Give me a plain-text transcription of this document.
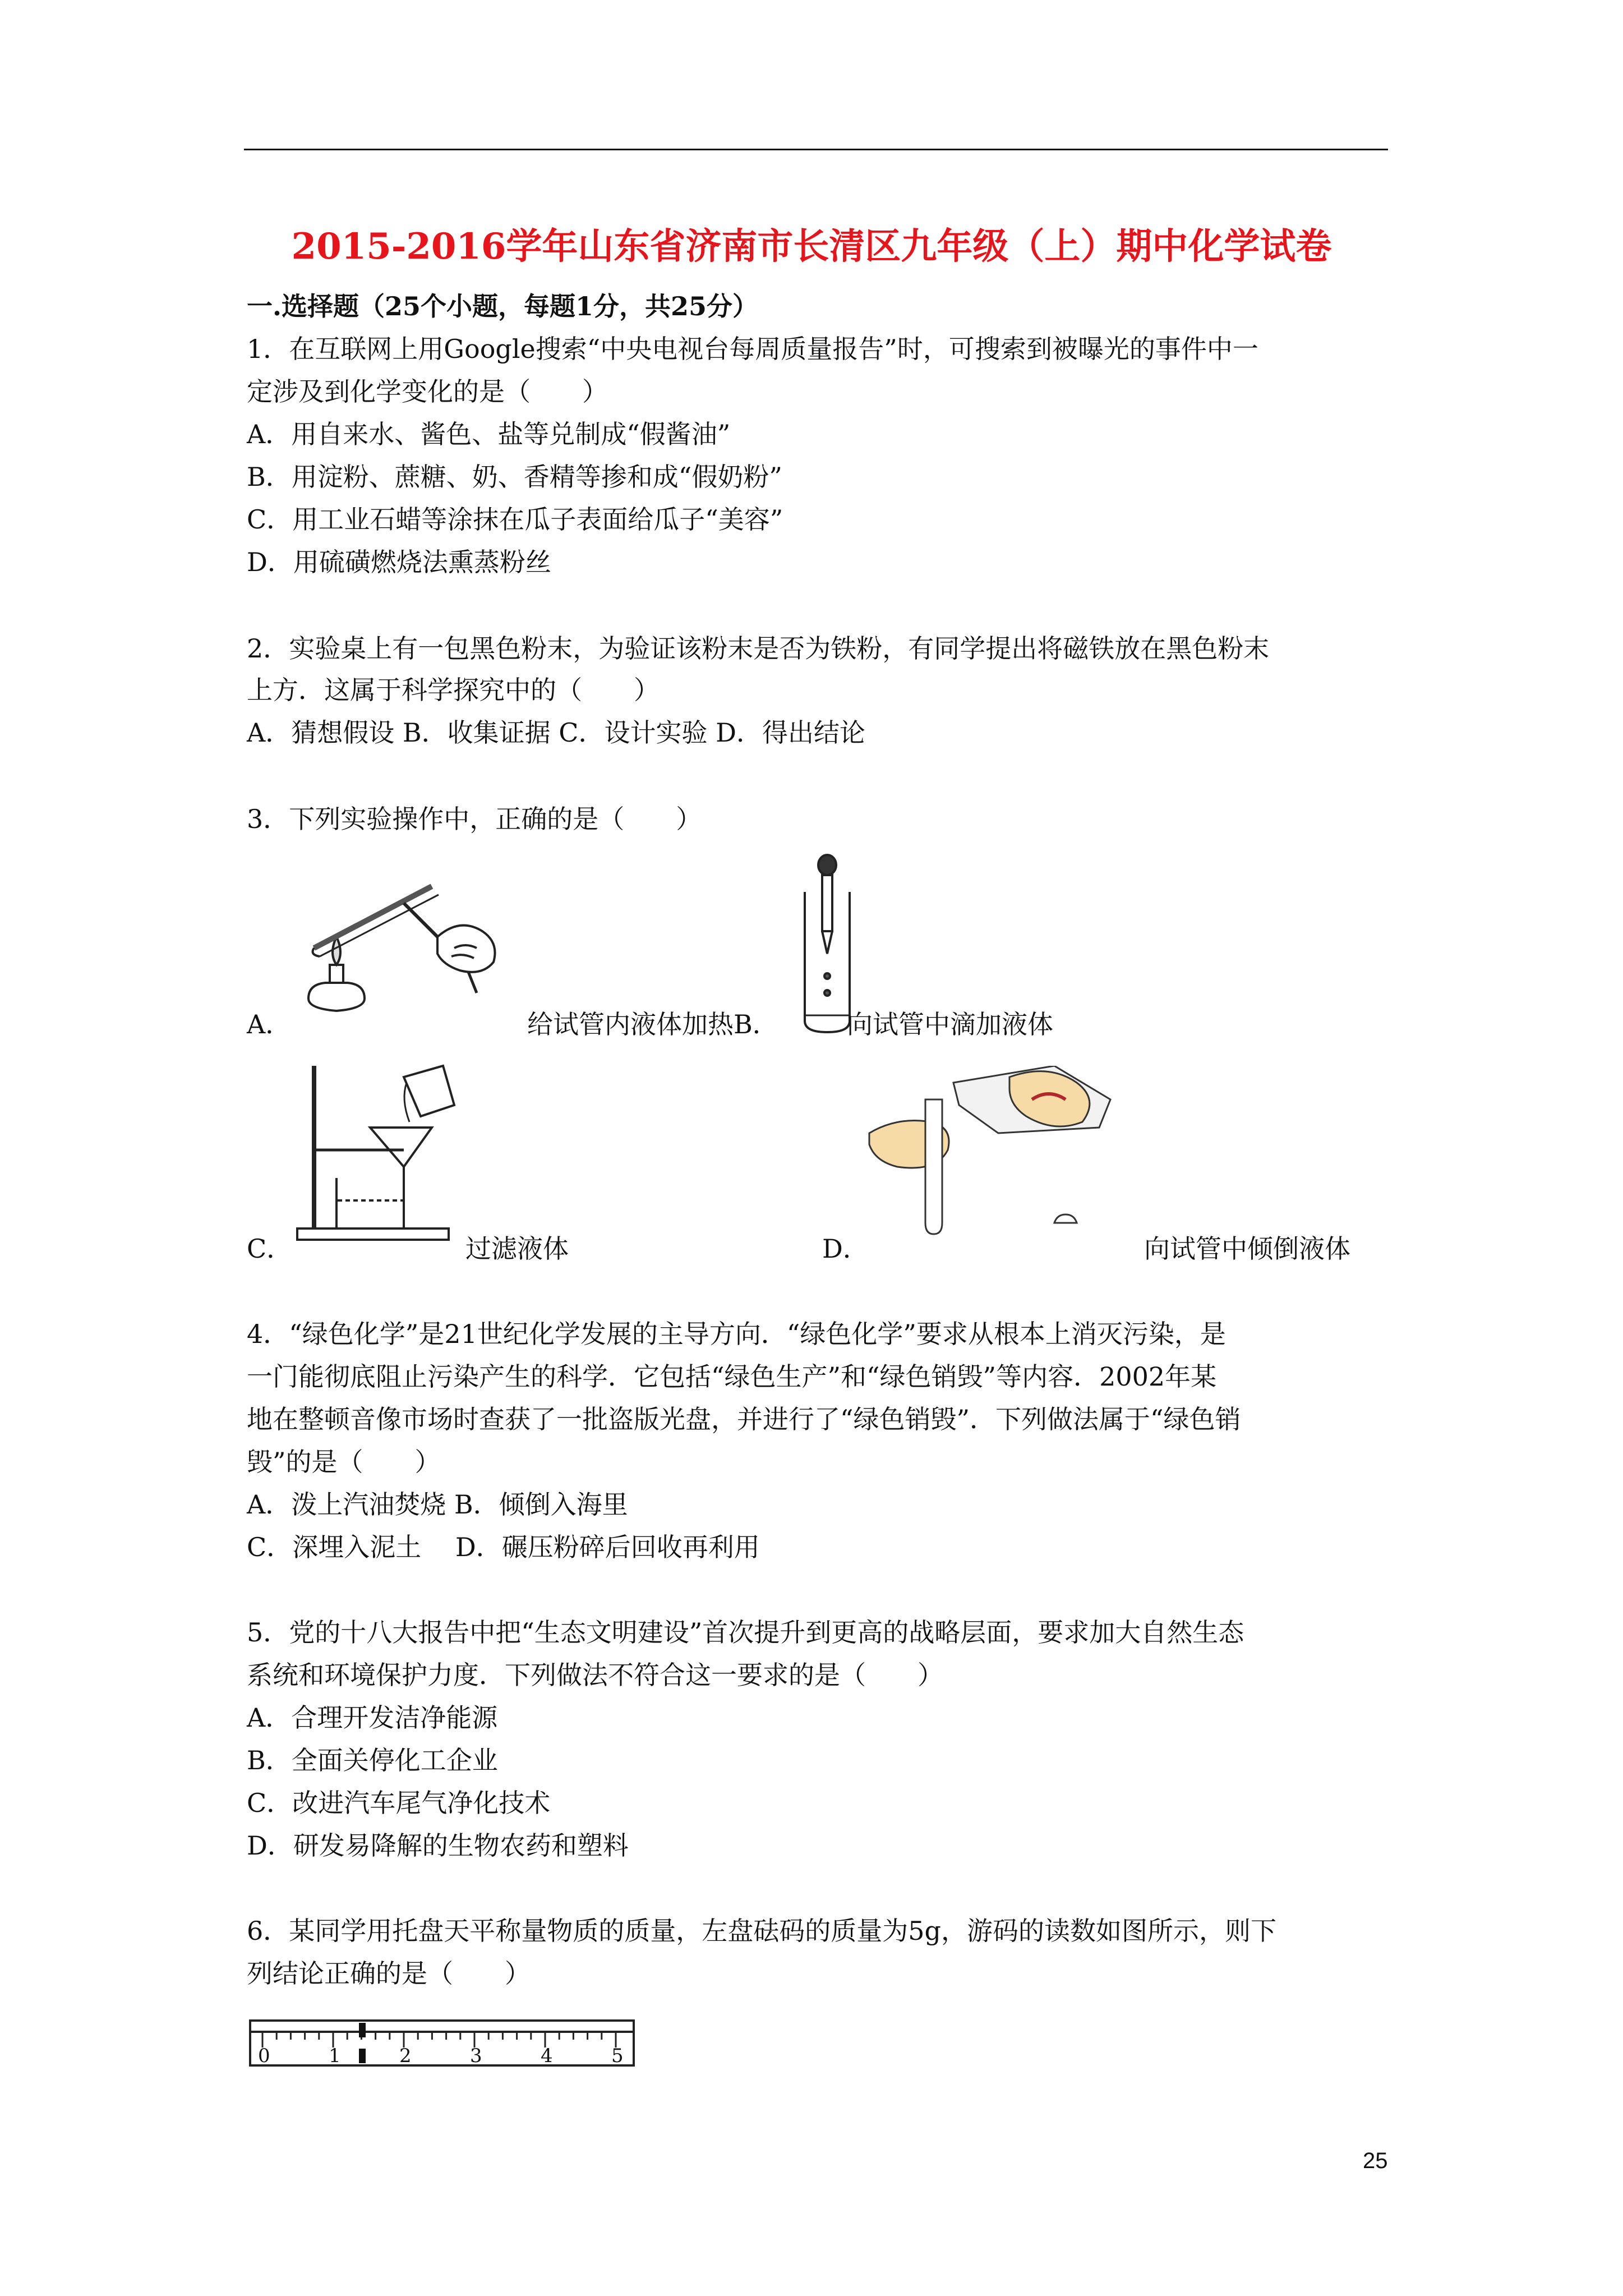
2015-2016学年山东省济南市长清区九年级（上）期中化学试卷
一.选择题（25个小题，每题1分，共25分）
1．在互联网上用Google搜索“中央电视台每周质量报告”时，可搜索到被曝光的事件中一
定涉及到化学变化的是（　　）
A．用自来水、酱色、盐等兑制成“假酱油”
B．用淀粉、蔗糖、奶、香精等掺和成“假奶粉”
C．用工业石蜡等涂抹在瓜子表面给瓜子“美容”
D．用硫磺燃烧法熏蒸粉丝
2．实验桌上有一包黑色粉末，为验证该粉末是否为铁粉，有同学提出将磁铁放在黑色粉末
上方．这属于科学探究中的（　　）
A．猜想假设 B．收集证据 C．设计实验 D．得出结论
3．下列实验操作中，正确的是（　　）
A．	给试管内液体加热B．	向试管中滴加液体
C．	过滤液体	D．	向试管中倾倒液体
4．“绿色化学”是21世纪化学发展的主导方向．“绿色化学”要求从根本上消灭污染，是
一门能彻底阻止污染产生的科学．它包括“绿色生产”和“绿色销毁”等内容．2002年某
地在整顿音像市场时查获了一批盗版光盘，并进行了“绿色销毁”．下列做法属于“绿色销
毁”的是（　　）
A．泼上汽油焚烧 B．倾倒入海里
C．深埋入泥土　 D．碾压粉碎后回收再利用
5．党的十八大报告中把“生态文明建设”首次提升到更高的战略层面，要求加大自然生态
系统和环境保护力度．下列做法不符合这一要求的是（　　）
A．合理开发洁净能源
B．全面关停化工企业
C．改进汽车尾气净化技术
D．研发易降解的生物农药和塑料
6．某同学用托盘天平称量物质的质量，左盘砝码的质量为5g，游码的读数如图所示，则下
列结论正确的是（　　）
0	1	2	3	4	5
25
